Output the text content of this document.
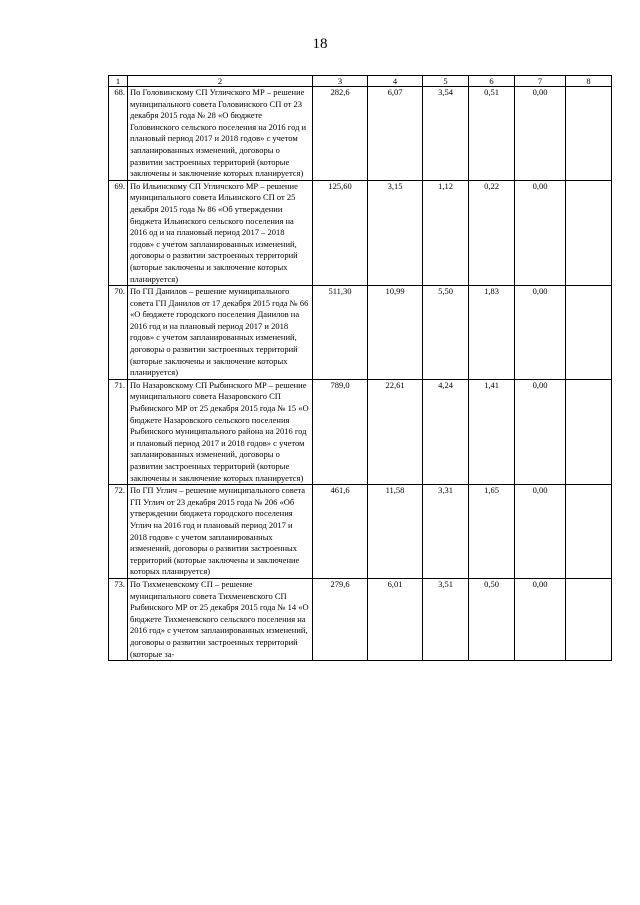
18
1	2	3	4	5	6	7	8
68.	По Головинскому СП Угличского МР – решение муниципального совета Головинского СП от 23 декабря 2015 года № 28 «О бюджете Головинского сельского поселения на 2016 год и плановый период 2017 и 2018 годов» с учетом запланированных изменений, договоры о развитии застроенных территорий (которые заключены и заключение которых планируется)	282,6	6,07	3,54	0,51	0,00	
69.	По Ильинскому СП Угличского МР – решение муниципального совета Ильинского СП от 25 декабря 2015 года № 86 «Об утверждении бюджета Ильинского сельского поселения на 2016 од и на плановый период 2017 – 2018 годов» с учетом запланированных изменений, договоры о развитии застроенных территорий (которые заключены и заключение которых планируется)	125,60	3,15	1,12	0,22	0,00	
70.	По ГП Данилов – решение муниципального совета ГП Данилов от 17 декабря 2015 года № 66 «О бюджете городского поселения Данилов на 2016 год и на плановый период 2017 и 2018 годов» с учетом запланированных изменений, договоры о развитии застроенных территорий (которые заключены и заключение которых планируется)	511,30	10,99	5,50	1,83	0,00	
71.	По Назаровскому СП Рыбинского МР – решение муниципального совета Назаровского СП Рыбинского МР от 25 декабря 2015 года № 15 «О бюджете Назаровского сельского поселения Рыбинского муниципального района на 2016 год и плановый период 2017 и 2018 годов» с учетом запланированных изменений, договоры о развитии застроенных территорий (которые заключены и заключение которых планируется)	789,0	22,61	4,24	1,41	0,00	
72.	По ГП Углич – решение муниципального совета ГП Углич от 23 декабря 2015 года № 206 «Об утверждении бюджета городского поселения Углич на 2016 год и плановый период 2017 и 2018 годов» с учетом запланированных изменений, договоры о развитии застроенных территорий (которые заключены и заключение которых планируется)	461,6	11,58	3,31	1,65	0,00	
73.	По Тихменевскому СП – решение муниципального совета Тихменевского СП Рыбинского МР от 25 декабря 2015 года № 14 «О бюджете Тихменевского сельского поселения на 2016 год» с учетом запланированных изменений, договоры о развитии застроенных территорий (которые за-	279,6	6,01	3,51	0,50	0,00	
